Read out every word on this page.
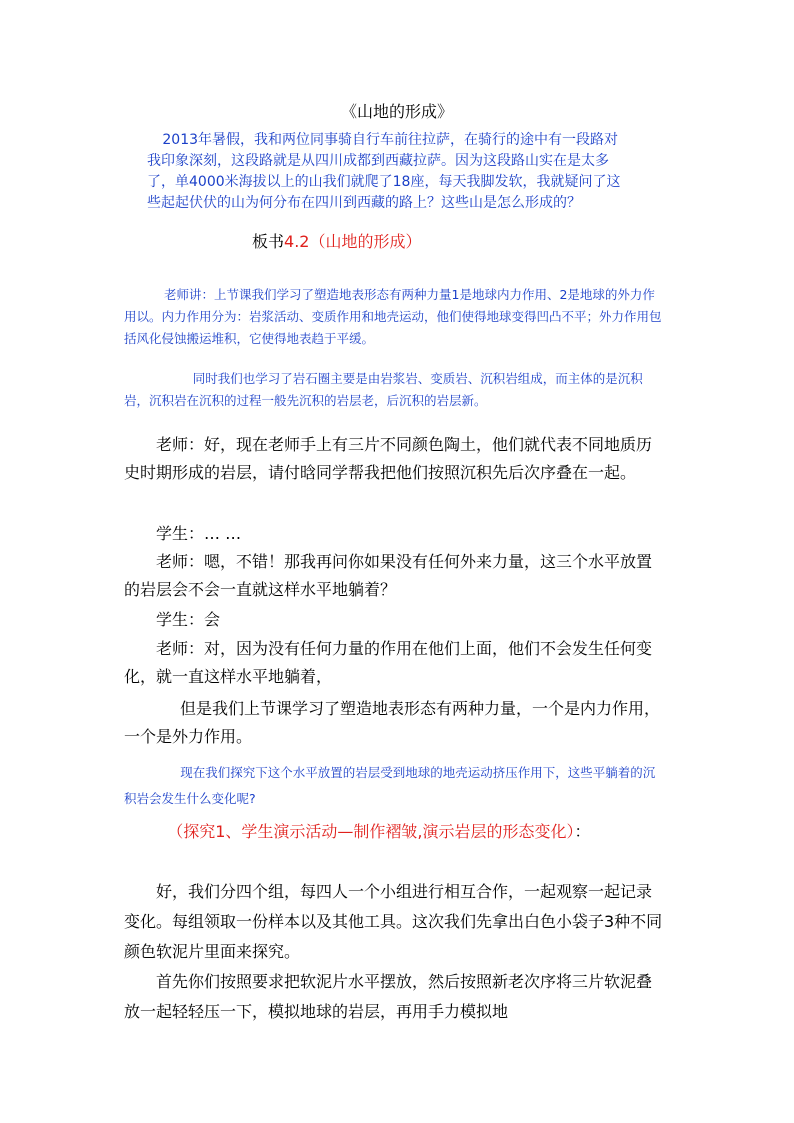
《山地的形成》

2013年暑假，我和两位同事骑自行车前往拉萨，在骑行的途中有一段路对我印象深刻，这段路就是从四川成都到西藏拉萨。因为这段路山实在是太多了，单4000米海拔以上的山我们就爬了18座，每天我脚发软，我就疑问了这些起起伏伏的山为何分布在四川到西藏的路上？这些山是怎么形成的？

板书4.2（山地的形成）

老师讲：上节课我们学习了塑造地表形态有两种力量1是地球内力作用、2是地球的外力作用以。内力作用分为：岩浆活动、变质作用和地壳运动，他们使得地球变得凹凸不平；外力作用包括风化侵蚀搬运堆积，它使得地表趋于平缓。

同时我们也学习了岩石圈主要是由岩浆岩、变质岩、沉积岩组成，而主体的是沉积岩，沉积岩在沉积的过程一般先沉积的岩层老，后沉积的岩层新。

老师：好，现在老师手上有三片不同颜色陶土，他们就代表不同地质历史时期形成的岩层，请付晗同学帮我把他们按照沉积先后次序叠在一起。

学生：… …

老师：嗯，不错！那我再问你如果没有任何外来力量，这三个水平放置的岩层会不会一直就这样水平地躺着？

学生：会

老师：对，因为没有任何力量的作用在他们上面，他们不会发生任何变化，就一直这样水平地躺着，

但是我们上节课学习了塑造地表形态有两种力量，一个是内力作用，一个是外力作用。

现在我们探究下这个水平放置的岩层受到地球的地壳运动挤压作用下，这些平躺着的沉积岩会发生什么变化呢?

（探究1、学生演示活动—制作褶皱,演示岩层的形态变化）：

好，我们分四个组，每四人一个小组进行相互合作，一起观察一起记录变化。每组领取一份样本以及其他工具。这次我们先拿出白色小袋子3种不同颜色软泥片里面来探究。

首先你们按照要求把软泥片水平摆放，然后按照新老次序将三片软泥叠放一起轻轻压一下，模拟地球的岩层，再用手力模拟地
